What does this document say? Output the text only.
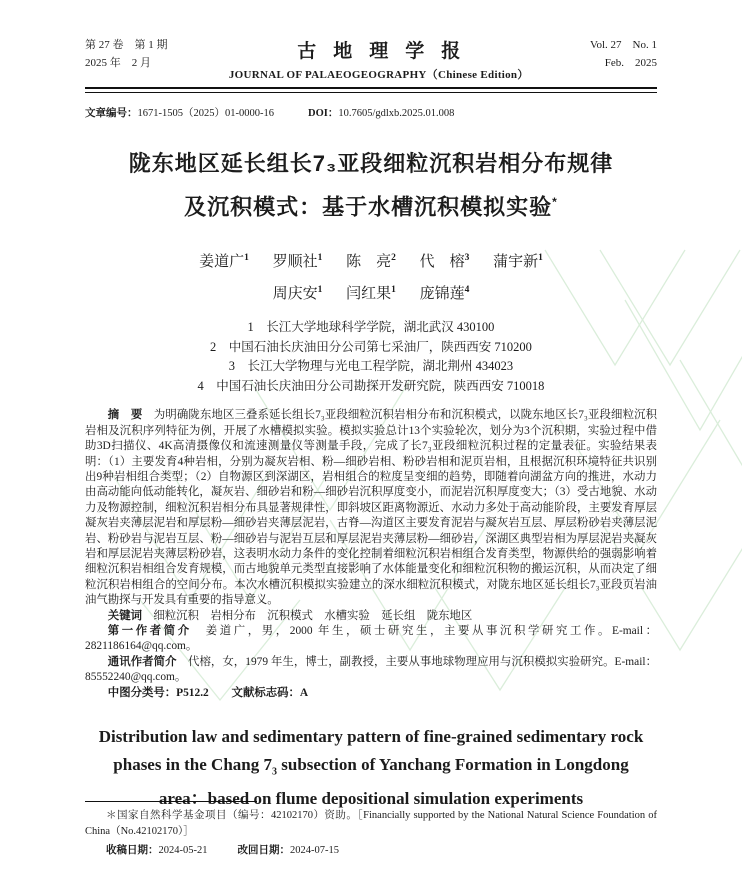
第 27 卷　第 1 期
2025 年　2 月
古地理学报
JOURNAL OF PALAEOGEOGRAPHY（Chinese Edition）
Vol. 27　No. 1
Feb.　2025
文章编号：1671-1505（2025）01-0000-16	DOI：10.7605/gdlxb.2025.01.008
陇东地区延长组长7₃亚段细粒沉积岩相分布规律
及沉积模式：基于水槽沉积模拟实验*
姜道广$^1$ 罗顺社$^1$ 陈　亮$^2$ 代　榕$^3$ 蒲宇新$^1$
周庆安$^1$ 闫红果$^1$ 庞锦莲$^4$
1　长江大学地球科学学院，湖北武汉 430100
2　中国石油长庆油田分公司第七采油厂，陕西西安 710200
3　长江大学物理与光电工程学院，湖北荆州 434023
4　中国石油长庆油田分公司勘探开发研究院，陕西西安 710018

摘　要　为明确陇东地区三叠系延长组长7₃亚段细粒沉积岩相分布和沉积模式，以陇东地区长7₃亚段细粒沉积岩相及沉积序列特征为例，开展了水槽模拟实验。模拟实验总计13个实验轮次，划分为3个沉积期，实验过程中借助3D扫描仪、4K高清摄像仪和流速测量仪等测量手段，完成了长7₃亚段细粒沉积过程的定量表征。实验结果表明：（1）主要发育4种岩相，分别为凝灰岩相、粉—细砂岩相、粉砂岩相和泥页岩相，且根据沉积环境特征共识别出9种岩相组合类型；（2）自物源区到深湖区，岩相组合的粒度呈变细的趋势，即随着向湖盆方向的推进，水动力由高动能向低动能转化，凝灰岩、细砂岩和粉—细砂岩沉积厚度变小，而泥岩沉积厚度变大；（3）受古地貌、水动力及物源控制，细粒沉积岩相分布具显著规律性，即斜坡区距离物源近、水动力多处于高动能阶段，主要发育厚层凝灰岩夹薄层泥岩和厚层粉—细砂岩夹薄层泥岩，古脊—沟道区主要发育泥岩与凝灰岩互层、厚层粉砂岩夹薄层泥岩、粉砂岩与泥岩互层、粉—细砂岩与泥岩互层和厚层泥岩夹薄层粉—细砂岩，深湖区典型岩相为厚层泥岩夹凝灰岩和厚层泥岩夹薄层粉砂岩，这表明水动力条件的变化控制着细粒沉积岩相组合发育类型，物源供给的强弱影响着细粒沉积岩相组合发育规模，而古地貌单元类型直接影响了水体能量变化和细粒沉积物的搬运沉积，从而决定了细粒沉积岩相组合的空间分布。本次水槽沉积模拟实验建立的深水细粒沉积模式，对陇东地区延长组长7₃亚段页岩油油气勘探与开发具有重要的指导意义。

关键词　细粒沉积　岩相分布　沉积模式　水槽实验　延长组　陇东地区

第一作者简介　姜道广，男，2000 年生，硕士研究生，主要从事沉积学研究工作。E-mail：2821186164@qq.com。

通讯作者简介　代榕，女，1979 年生，博士，副教授，主要从事地球物理应用与沉积模拟实验研究。E-mail：85552240@qq.com。

中图分类号：P512.2　　 文献标志码：A

Distribution law and sedimentary pattern of fine-grained sedimentary rock
phases in the Chang $7_3$ subsection of Yanchang Formation in Longdong
area：based on flume depositional simulation experiments
＊国家自然科学基金项目（编号：42102170）资助。［Financially supported by the National Natural Science Foundation of China（No.42102170）］
收稿日期：2024-05-21	改回日期：2024-07-15
